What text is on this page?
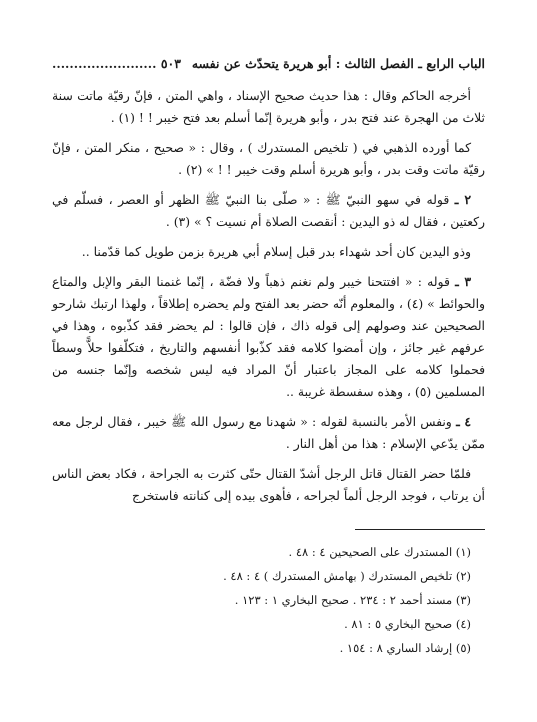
الباب الرابع ـ الفصل الثالث : أبو هريرة يتحدّث عن نفسه
........................ ٥٠٣

أخرجه الحاكم وقال : هذا حديث صحيح الإسناد ، واهي المتن ، فإنّ رقيّة ماتت سنة ثلاث من الهجرة عند فتح بدر ، وأبو هريرة إنّما أسلم بعد فتح خيبر ! ! (١) .

كما أورده الذهبي في ( تلخيص المستدرك ) ، وقال : « صحيح ، منكر المتن ، فإنّ رقيّة ماتت وقت بدر ، وأبو هريرة أسلم وقت خيبر ! ! » (٢) .

٢ ـ قوله في سهو النبيّ ﷺ : « صلّى بنا النبيّ ﷺ الظهر أو العصر ، فسلّم في ركعتين ، فقال له ذو اليدين : أنقصت الصلاة أم نسيت ؟ » (٣) .

وذو اليدين كان أحد شهداء بدر قبل إسلام أبي هريرة بزمن طويل كما قدّمنا ..

٣ ـ قوله : « افتتحنا خيبر ولم نغنم ذهباً ولا فضّة ، إنّما غنمنا البقر والإبل والمتاع والحوائط » (٤) ، والمعلوم أنّه حضر بعد الفتح ولم يحضره إطلاقاً ، ولهذا ارتبك شارحو الصحيحين عند وصولهم إلى قوله ذاك ، فإن قالوا : لم يحضر فقد كذّبوه ، وهذا في عرفهم غير جائز ، وإن أمضوا كلامه فقد كذّبوا أنفسهم والتاريخ ، فتكلّفوا حلاًّ وسطاً فحملوا كلامه على المجاز باعتبار أنّ المراد فيه ليس شخصه وإنّما جنسه من المسلمين (٥) ، وهذه سفسطة غريبة ..

٤ ـ ونفس الأمر بالنسبة لقوله : « شهدنا مع رسول الله ﷺ خيبر ، فقال لرجل معه ممّن يدّعي الإسلام : هذا من أهل النار .

فلمّا حضر القتال قاتل الرجل أشدّ القتال حتّى كثرت به الجراحة ، فكاد بعض الناس أن يرتاب ، فوجد الرجل ألماً لجراحه ، فأهوى بيده إلى كنانته فاستخرج

(١) المستدرك على الصحيحين ٤ : ٤٨ .
(٢) تلخيص المستدرك ( بهامش المستدرك ) ٤ : ٤٨ .
(٣) مسند أحمد ٢ : ٢٣٤ . صحيح البخاري ١ : ١٢٣ .
(٤) صحيح البخاري ٥ : ٨١ .
(٥) إرشاد الساري ٨ : ١٥٤ .
